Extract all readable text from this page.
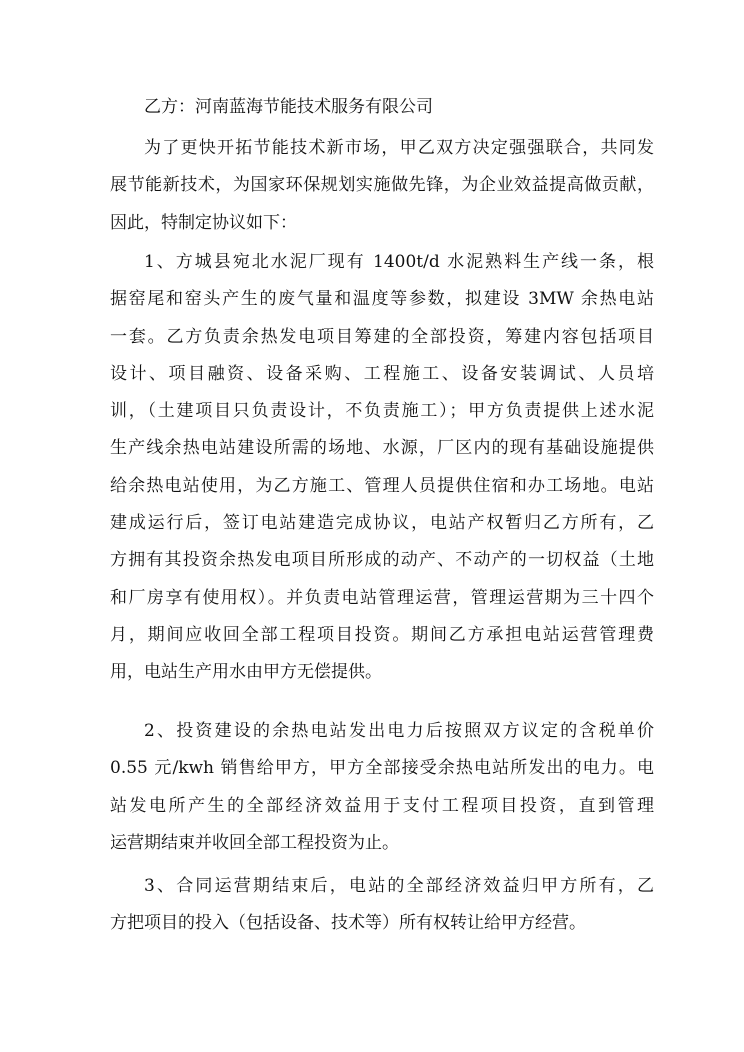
乙方：河南蓝海节能技术服务有限公司
为了更快开拓节能技术新市场，甲乙双方决定强强联合，共同发
展节能新技术，为国家环保规划实施做先锋，为企业效益提高做贡献，
因此，特制定协议如下：
1、方城县宛北水泥厂现有 1400t/d 水泥熟料生产线一条，根
据窑尾和窑头产生的废气量和温度等参数，拟建设 3MW 余热电站
一套。乙方负责余热发电项目筹建的全部投资，筹建内容包括项目
设计、项目融资、设备采购、工程施工、设备安装调试、人员培
训，（土建项目只负责设计，不负责施工）；甲方负责提供上述水泥
生产线余热电站建设所需的场地、水源，厂区内的现有基础设施提供
给余热电站使用，为乙方施工、管理人员提供住宿和办工场地。电站
建成运行后，签订电站建造完成协议，电站产权暂归乙方所有，乙
方拥有其投资余热发电项目所形成的动产、不动产的一切权益（土地
和厂房享有使用权）。并负责电站管理运营，管理运营期为三十四个
月，期间应收回全部工程项目投资。期间乙方承担电站运营管理费
用，电站生产用水由甲方无偿提供。
2、投资建设的余热电站发出电力后按照双方议定的含税单价
0.55 元/kwh 销售给甲方，甲方全部接受余热电站所发出的电力。电
站发电所产生的全部经济效益用于支付工程项目投资，直到管理
运营期结束并收回全部工程投资为止。
3、合同运营期结束后，电站的全部经济效益归甲方所有，乙
方把项目的投入（包括设备、技术等）所有权转让给甲方经营。
